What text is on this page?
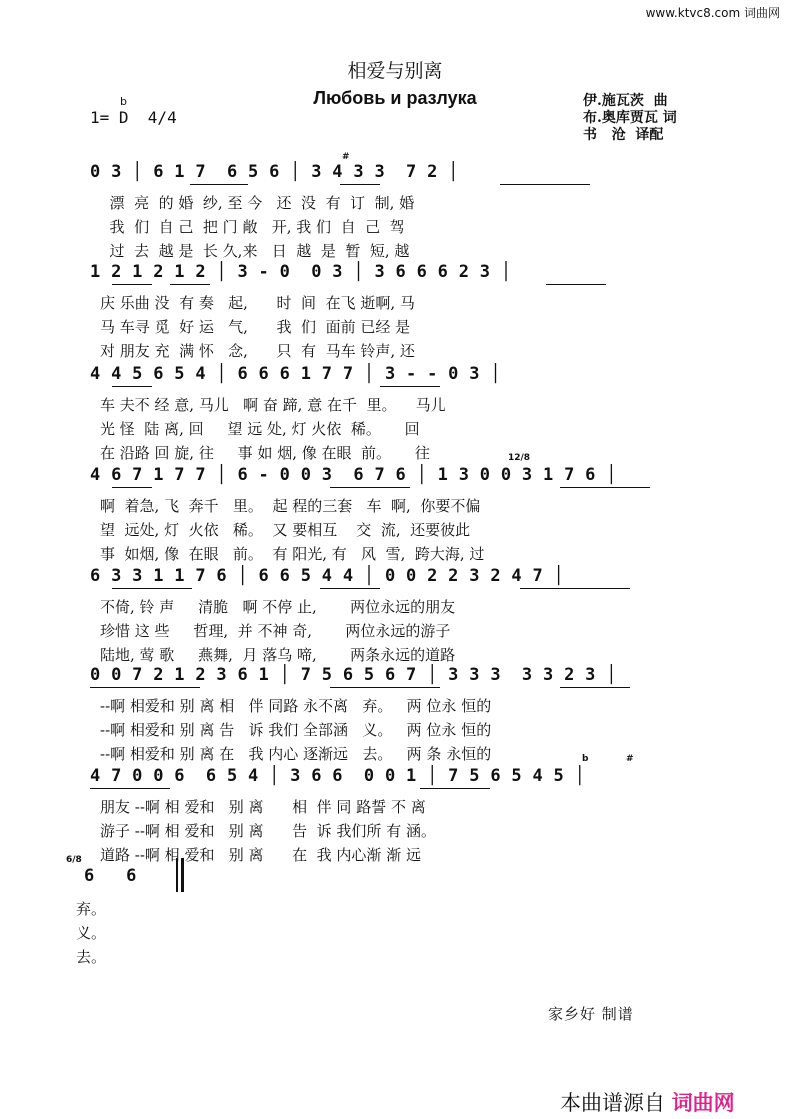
www.ktvc8.com 词曲网
相爱与别离
Любовь и разлука
b
1= D  4/4
伊.施瓦茨  曲
布.奥库贾瓦 词
书   沧  译配
0 3 │ 6 1 7  6 5 6 │ 3 4 3 3  7 2 │
漂  亮  的 婚  纱, 至 今   还  没  有  订  制, 婚
我  们  自 己  把 门 敞   开, 我 们  自  己  驾
过  去  越 是  长 久,来   日  越  是  暂  短, 越
#
1 2 1 2 1 2 │ 3 - 0  0 3 │ 3 6 6 6 2 3 │
庆 乐曲 没  有 奏   起,      时  间  在飞 逝啊, 马
马 车寻 觅  好 运   气,      我  们  面前 已经 是
对 朋友 充  满 怀   念,      只  有  马车 铃声, 还
4 4 5 6 5 4 │ 6 6 6 1 7 7 │ 3 - - 0 3 │
车 夫不 经 意, 马儿   啊 奋 蹄, 意 在千  里。    马儿
光 怪  陆 离, 回     望 远 处, 灯 火依  稀。     回
在 沿路 回 旋, 往     事 如 烟, 像 在眼  前。     往
4 6 7 1 7 7 │ 6 - 0 0 3  6 7 6 │ 1 3 0 0 3 1 7 6 │
啊  着急, 飞  奔千   里。  起 程的三套   车  啊,  你要不偏
望  远处, 灯  火依   稀。  又 要相互    交  流,  还要彼此
事  如烟, 像  在眼   前。  有 阳光, 有   风  雪,  跨大海, 过
12/8
6 3 3 1 1 7 6 │ 6 6 5 4 4 │ 0 0 2 2 3 2 4 7 │
不倚, 铃 声     清脆   啊 不停 止,       两位永远的朋友
珍惜 这 些     哲理,  并 不神 奇,       两位永远的游子
陆地, 莺 歌     燕舞,  月 落乌 啼,       两条永远的道路
0 0 7 2 1 2 3 6 1 │ 7 5 6 5 6 7 │ 3 3 3  3 3 2 3 │
--啊 相爱和 别 离 相   伴 同路 永不离   弃。   两 位永 恒的
--啊 相爱和 别 离 告   诉 我们 全部涵   义。   两 位永 恒的
--啊 相爱和 别 离 在   我 内心 逐渐远   去。   两 条 永恒的
4 7 0 0 6  6 5 4 │ 3 6 6  0 0 1 │ 7 5 6 5 4 5 │
朋友 --啊 相 爱和   别 离      相  伴 同 路誓 不 离
游子 --啊 相 爱和   别 离      告  诉 我们所 有 涵。
道路 --啊 相 爱和   别 离      在  我 内心渐 渐 远
b	#
6/8
6   6
弃。
义。
去。
家乡好 制谱
本曲谱源自 词曲网
